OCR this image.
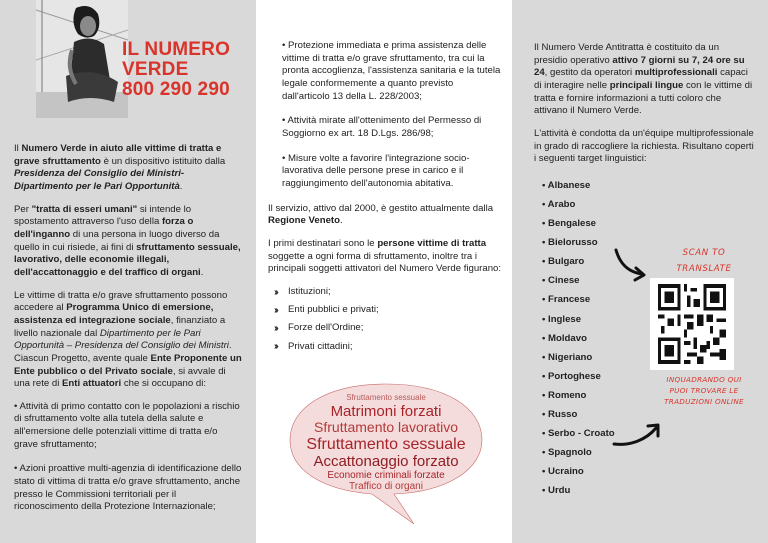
IL NUMERO
VERDE
800 290 290

Il Numero Verde in aiuto alle vittime di tratta e grave sfruttamento è un dispositivo istituito dalla Presidenza del Consiglio dei Ministri-Dipartimento per le Pari Opportunità.

Per "tratta di esseri umani" si intende lo spostamento attraverso l'uso della forza o dell'inganno di una persona in luogo diverso da quello in cui risiede, ai fini di sfruttamento sessuale, lavorativo, delle economie illegali, dell'accattonaggio e del traffico di organi.

Le vittime di tratta e/o grave sfruttamento possono accedere al Programma Unico di emersione, assistenza ed integrazione sociale, finanziato a livello nazionale dal Dipartimento per le Pari Opportunità – Presidenza del Consiglio dei Ministri. Ciascun Progetto, avente quale Ente Proponente un Ente pubblico o del Privato sociale, si avvale di una rete di Enti attuatori che si occupano di:

• Attività di primo contatto con le popolazioni a rischio di sfruttamento volte alla tutela della salute e all'emersione delle potenziali vittime di tratta e/o grave sfruttamento;

• Azioni proattive multi-agenzia di identificazione dello stato di vittima di tratta e/o grave sfruttamento, anche presso le Commissioni territoriali per il riconoscimento della Protezione Internazionale;

• Protezione immediata e prima assistenza delle vittime di tratta e/o grave sfruttamento, tra cui la pronta accoglienza, l'assistenza sanitaria e la tutela legale conformemente a quanto previsto dall'articolo 13 della L. 228/2003;

• Attività mirate all'ottenimento del Permesso di Soggiorno ex art. 18 D.Lgs. 286/98;

• Misure volte a favorire l'integrazione socio-lavorativa delle persone prese in carico e il raggiungimento dell'autonomia abitativa.

Il servizio, attivo dal 2000, è gestito attualmente dalla Regione Veneto.

I primi destinatari sono le persone vittime di tratta soggette a ogni forma di sfruttamento, inoltre tra i principali soggetti attivatori del Numero Verde figurano:

››	Istituzioni;
››	Enti pubblici e privati;
››	Forze dell'Ordine;
››	Privati cittadini;
Sfruttamento sessuale
Matrimoni forzati
Sfruttamento lavorativo
Sfruttamento sessuale
Accattonaggio forzato
Economie criminali forzate
Traffico di organi

Il Numero Verde Antitratta è costituito da un presidio operativo attivo 7 giorni su 7, 24 ore su 24, gestito da operatori multiprofessionali capaci di interagire nelle principali lingue con le vittime di tratta e fornire informazioni a tutti coloro che attivano il Numero Verde.

L'attività è condotta da un'équipe multiprofessionale in grado di raccogliere la richiesta. Risultano coperti i seguenti target linguistici:

• Albanese
• Arabo
• Bengalese
• Bielorusso
• Bulgaro
• Cinese
• Francese
• Inglese
• Moldavo
• Nigeriano
• Portoghese
• Romeno
• Russo
• Serbo - Croato
• Spagnolo
• Ucraino
• Urdu
SCAN TO
TRANSLATE
INQUADRANDO QUI
PUOI TROVARE LE
TRADUZIONI ONLINE
